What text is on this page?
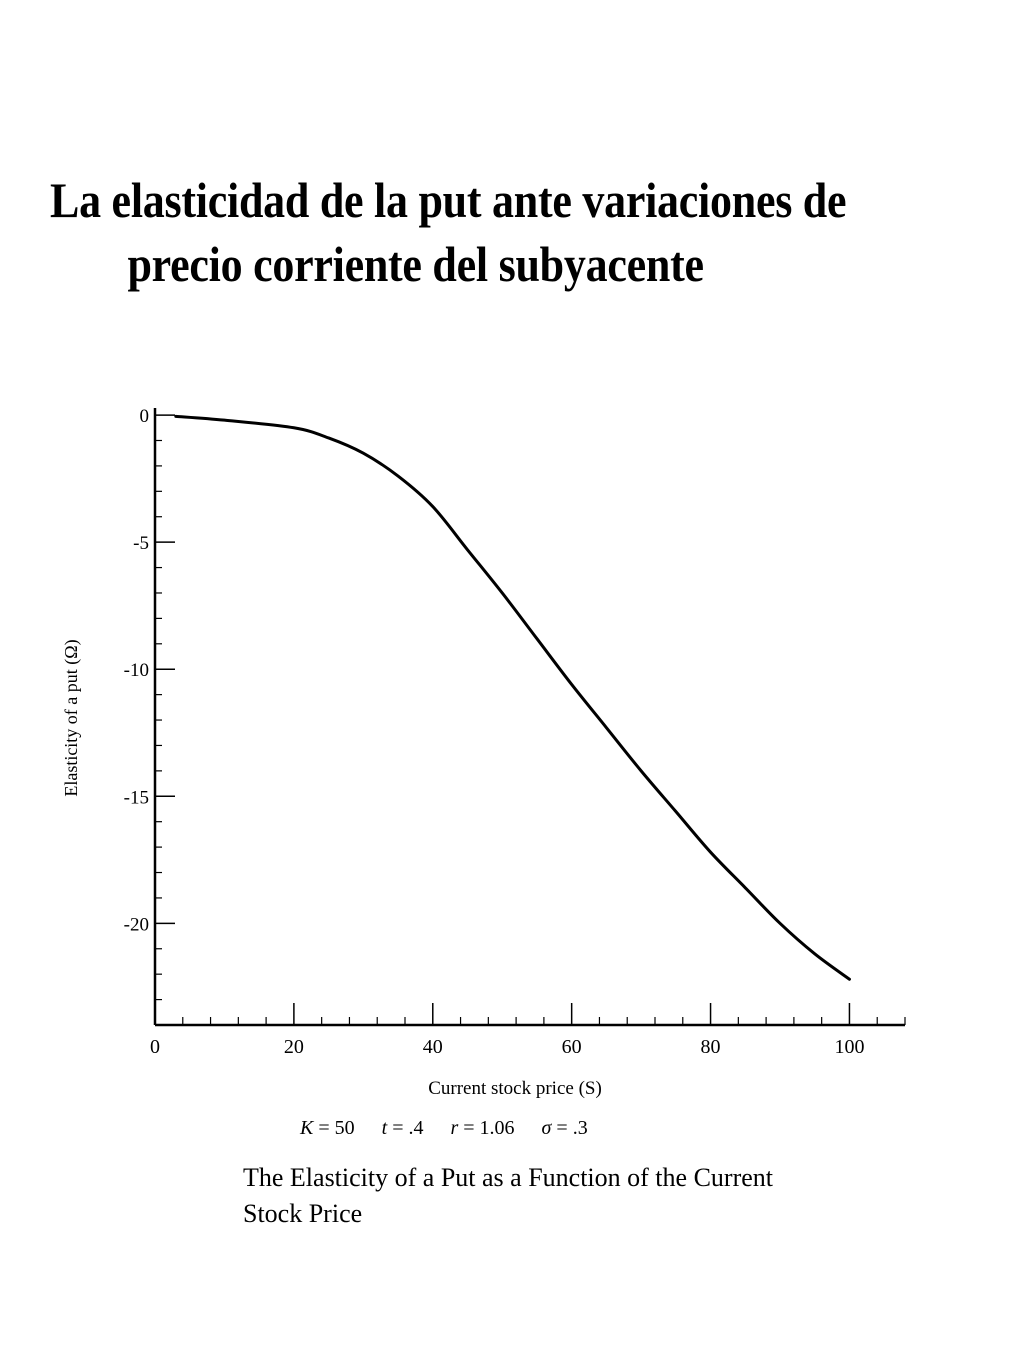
La elasticidad de la put ante variaciones de
precio corriente del subyacente
0
-5
-10
-15
-20
0	20	40	60	80	100
Current stock price (S)
Elasticity of a put (Ω)
K = 50 t = .4 r = 1.06 σ = .3
The Elasticity of a Put as a Function of the Current
Stock Price
